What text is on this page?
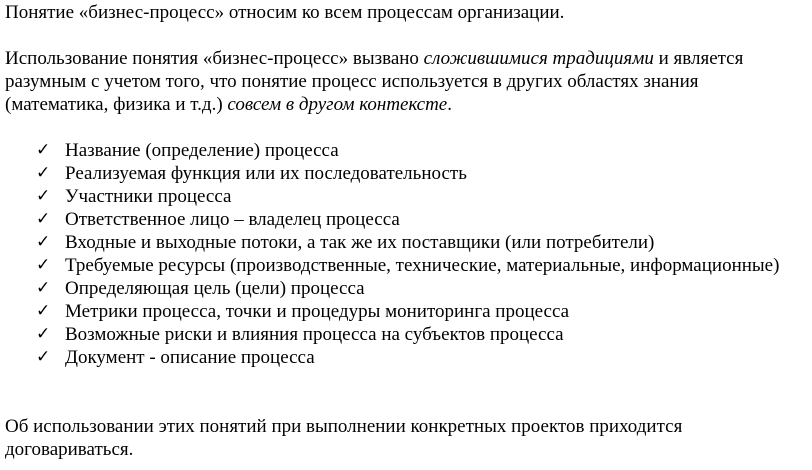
Понятие «бизнес-процесс» относим ко всем процессам организации.

Использование понятия «бизнес-процесс» вызвано сложившимися традициями и является разумным с учетом того, что понятие процесс используется в других областях знания (математика, физика и т.д.) совсем в другом контексте.

✓ Название (определение) процесса
✓ Реализуемая функция или их последовательность
✓ Участники процесса
✓ Ответственное лицо – владелец процесса
✓ Входные и выходные потоки, а так же их поставщики (или потребители)
✓ Требуемые ресурсы (производственные, технические, материальные, информационные)
✓ Определяющая цель (цели) процесса
✓ Метрики процесса, точки и процедуры мониторинга процесса
✓ Возможные риски и влияния процесса на субъектов процесса
✓ Документ - описание процесса

Об использовании этих понятий при выполнении конкретных проектов приходится договариваться.
